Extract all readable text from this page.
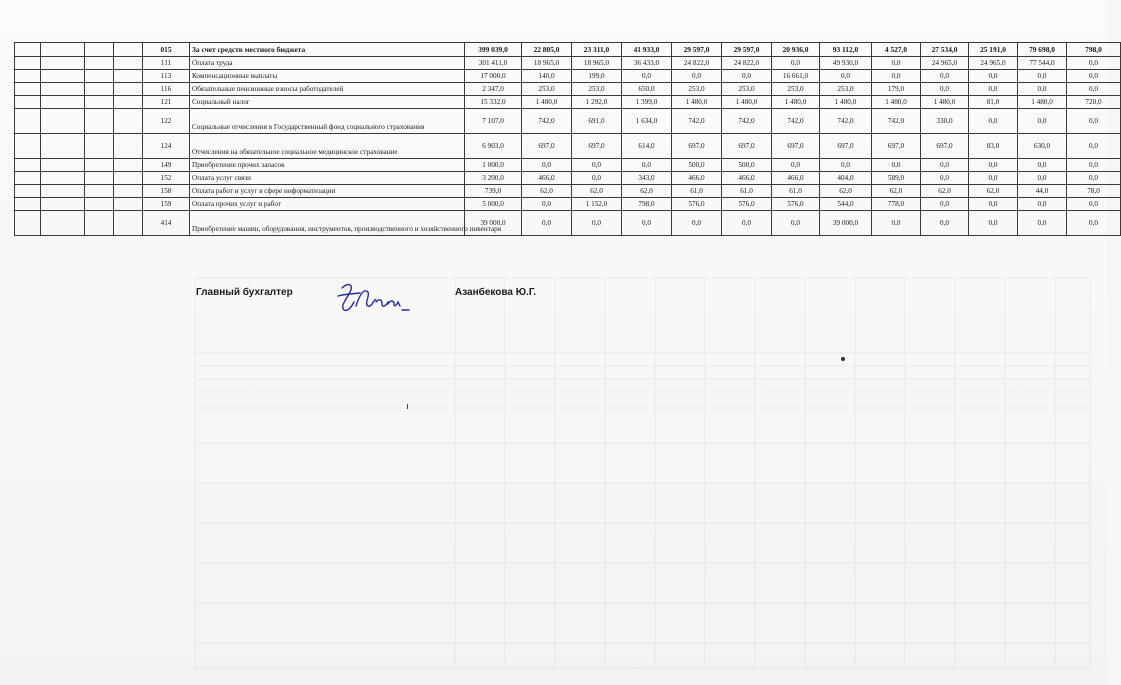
				015	За счет средств местного бюджета	399 039,0	22 805,0	23 311,0	41 933,0	29 597,0	29 597,0	20 936,0	93 112,0	4 527,0	27 534,0	25 191,0	79 698,0	798,0
				111	Оплата труда	301 411,0	18 965,0	18 965,0	36 433,0	24 822,0	24 822,0	0,0	49 930,0	0,0	24 965,0	24 965,0	77 544,0	0,0
				113	Компенсационные выплаты	17 000,0	140,0	199,0	0,0	0,0	0,0	16 661,0	0,0	0,0	0,0	0,0	0,0	0,0
				116	Обязательные пенсионные взносы работодателей	2 347,0	253,0	253,0	650,0	253,0	253,0	253,0	253,0	179,0	0,0	0,0	0,0	0,0
				121	Социальный налог	15 332,0	1 480,0	1 292,0	1 399,0	1 480,0	1 480,0	1 480,0	1 480,0	1 480,0	1 480,0	81,0	1 480,0	720,0
				122	Социальные отчисления в Государственный фонд социального страхования	7 107,0	742,0	691,0	1 634,0	742,0	742,0	742,0	742,0	742,0	330,0	0,0	0,0	0,0
				124	Отчисления на обязательное социальное медицинское страхование	6 903,0	697,0	697,0	614,0	697,0	697,0	697,0	697,0	697,0	697,0	83,0	630,0	0,0
				149	Приобретение прочих запасов	1 000,0	0,0	0,0	0,0	500,0	500,0	0,0	0,0	0,0	0,0	0,0	0,0	0,0
				152	Оплата услуг связи	3 200,0	466,0	0,0	343,0	466,0	466,0	466,0	404,0	589,0	0,0	0,0	0,0	0,0
				158	Оплата работ и услуг в сфере информатизации	739,0	62,0	62,0	62,0	61,0	61,0	61,0	62,0	62,0	62,0	62,0	44,0	78,0
				159	Оплата прочих услуг и работ	5 000,0	0,0	1 152,0	798,0	576,0	576,0	576,0	544,0	778,0	0,0	0,0	0,0	0,0
				414	Приобретение машин, оборудования, инструментов, производственного и хозяйственного инвентаря	39 000,0	0,0	0,0	0,0	0,0	0,0	0,0	39 000,0	0,0	0,0	0,0	0,0	0,0
Главный бухгалтер	Азанбекова Ю.Г.
